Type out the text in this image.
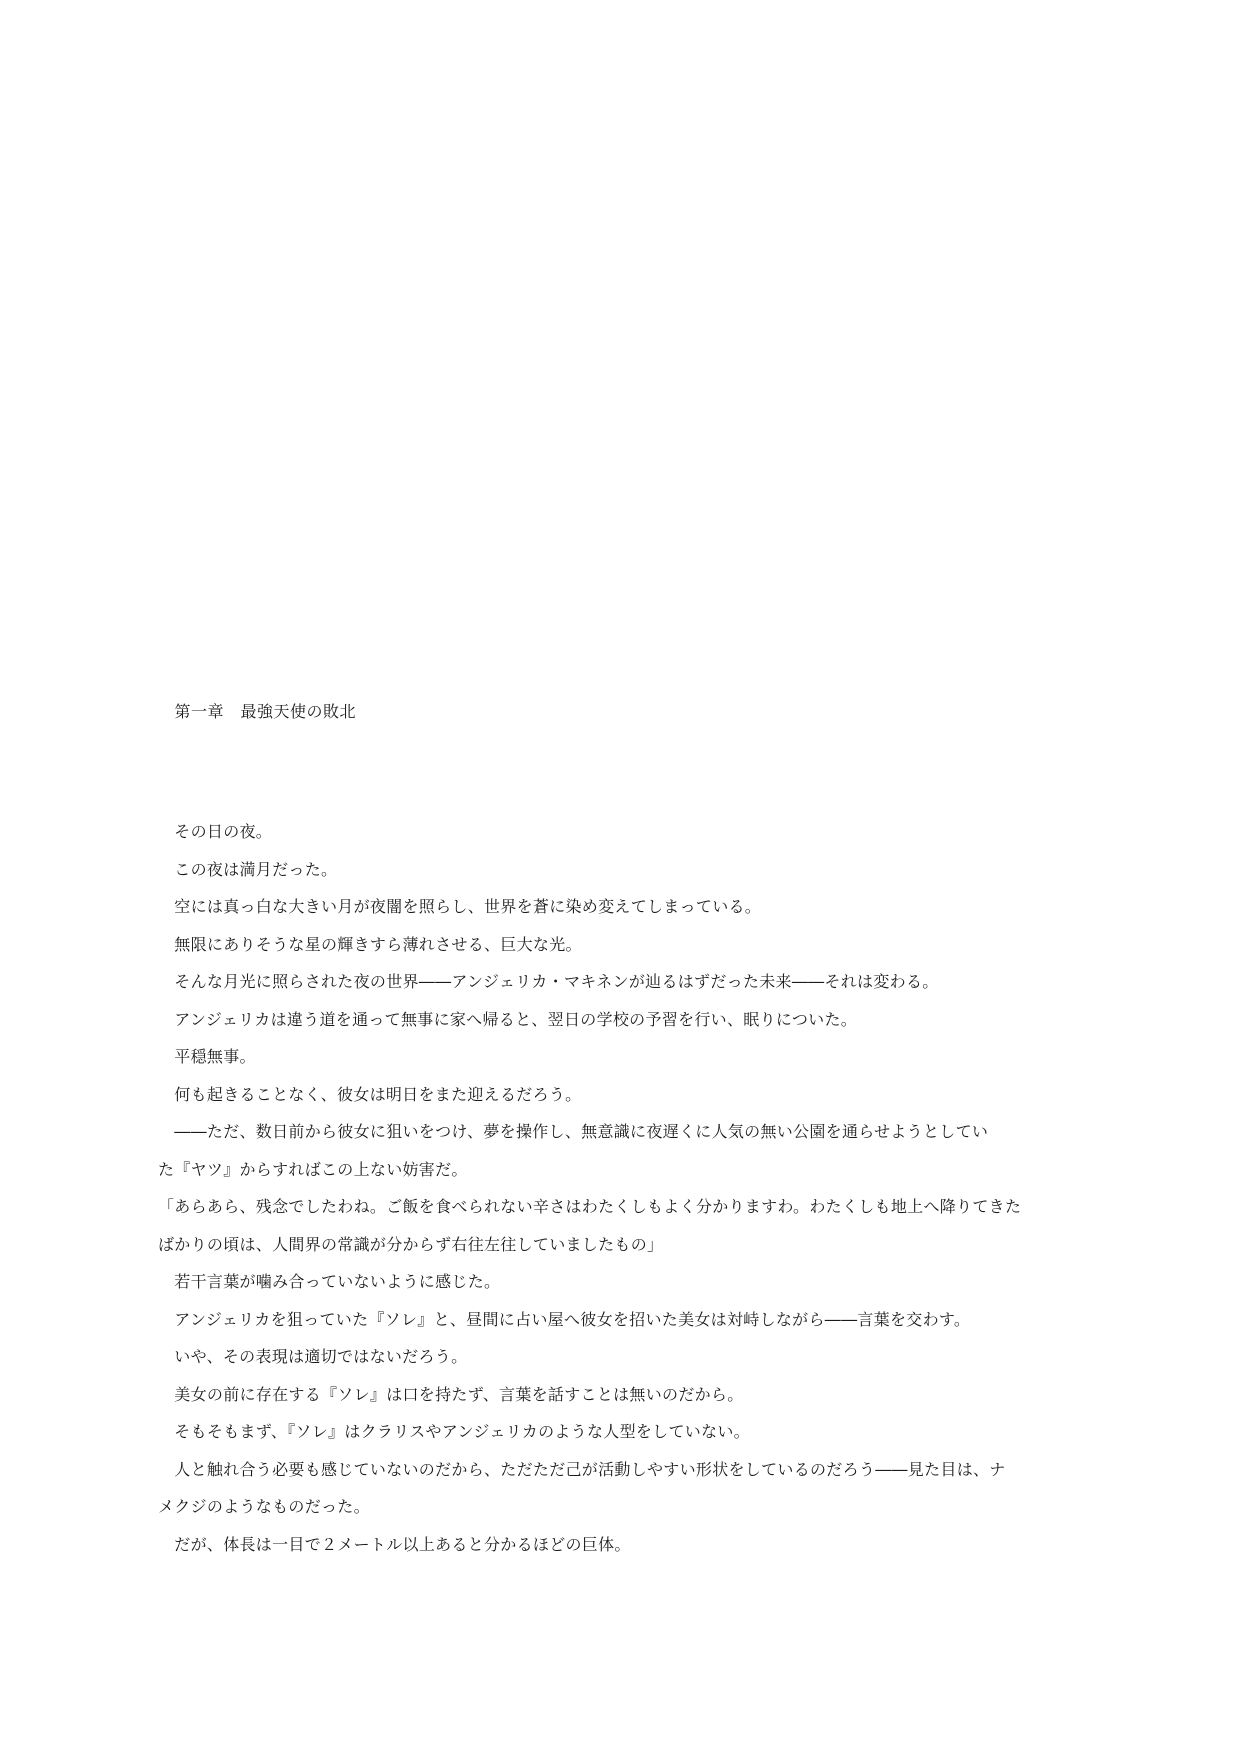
　第一章　最強天使の敗北
　その日の夜。
　この夜は満月だった。
　空には真っ白な大きい月が夜闇を照らし、世界を蒼に染め変えてしまっている。
　無限にありそうな星の輝きすら薄れさせる、巨大な光。
　そんな月光に照らされた夜の世界――アンジェリカ・マキネンが辿るはずだった未来――それは変わる。
　アンジェリカは違う道を通って無事に家へ帰ると、翌日の学校の予習を行い、眠りについた。
　平穏無事。
　何も起きることなく、彼女は明日をまた迎えるだろう。
　――ただ、数日前から彼女に狙いをつけ、夢を操作し、無意識に夜遅くに人気の無い公園を通らせようとしてい
た『ヤツ』からすればこの上ない妨害だ。
「あらあら、残念でしたわね。ご飯を食べられない辛さはわたくしもよく分かりますわ。わたくしも地上へ降りてきた
ばかりの頃は、人間界の常識が分からず右往左往していましたもの」
　若干言葉が噛み合っていないように感じた。
　アンジェリカを狙っていた『ソレ』と、昼間に占い屋へ彼女を招いた美女は対峙しながら――言葉を交わす。
　いや、その表現は適切ではないだろう。
　美女の前に存在する『ソレ』は口を持たず、言葉を話すことは無いのだから。
　そもそもまず、『ソレ』はクラリスやアンジェリカのような人型をしていない。
　人と触れ合う必要も感じていないのだから、ただただ己が活動しやすい形状をしているのだろう――見た目は、ナ
メクジのようなものだった。
　だが、体長は一目で２メートル以上あると分かるほどの巨体。
